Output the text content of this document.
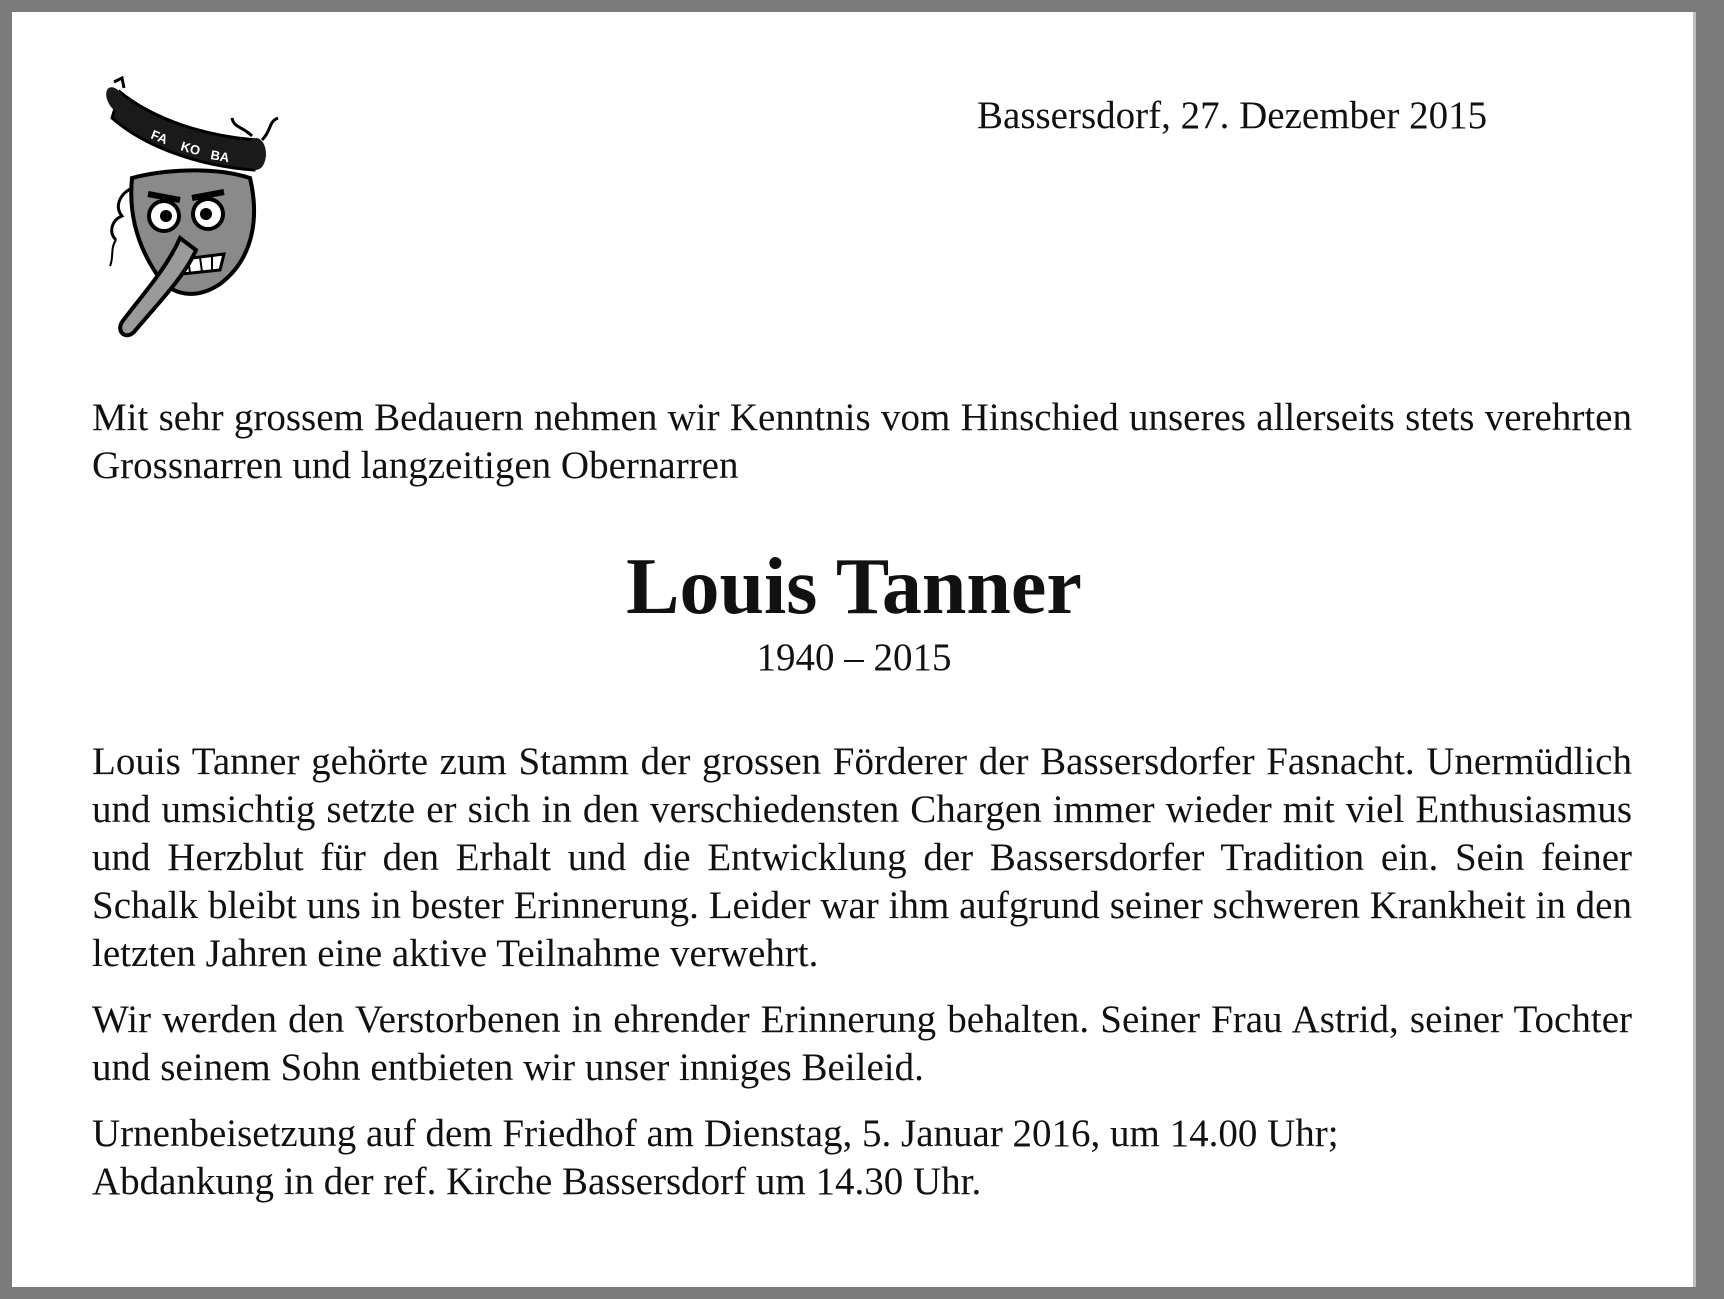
FA
KO BA
Bassersdorf, 27. Dezember 2015

Mit sehr grossem Bedauern nehmen wir Kenntnis vom Hinschied unseres allerseits stets verehrten Grossnarren und langzeitigen Obernarren

Louis Tanner
1940 – 2015

Louis Tanner gehörte zum Stamm der grossen Förderer der Bassersdorfer Fasnacht. Unermüdlich und umsichtig setzte er sich in den verschiedensten Chargen immer wieder mit viel Enthusiasmus und Herzblut für den Erhalt und die Entwicklung der Bassersdorfer Tradition ein. Sein feiner Schalk bleibt uns in bester Erinnerung. Leider war ihm aufgrund seiner schweren Krankheit in den letzten Jahren eine aktive Teilnahme verwehrt.

Wir werden den Verstorbenen in ehrender Erinnerung behalten. Seiner Frau Astrid, seiner Tochter und seinem Sohn entbieten wir unser inniges Beileid.

Urnenbeisetzung auf dem Friedhof am Dienstag, 5. Januar 2016, um 14.00 Uhr;
Abdankung in der ref. Kirche Bassersdorf um 14.30 Uhr.
